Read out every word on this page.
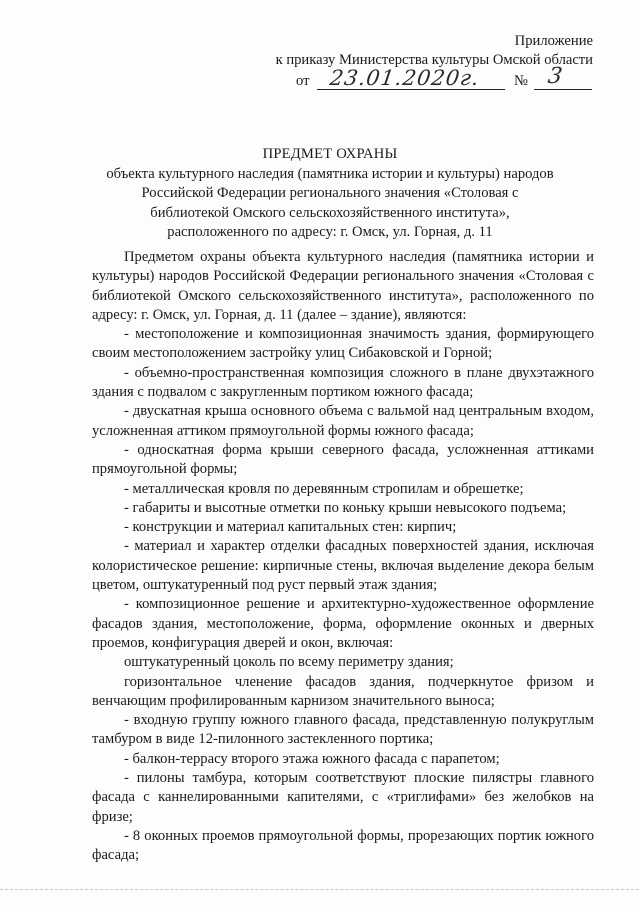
Приложение
к приказу Министерства культуры Омской области
от 23.01.2020г. № 3
ПРЕДМЕТ ОХРАНЫ
объекта культурного наследия (памятника истории и культуры) народов
Российской Федерации регионального значения «Столовая с
библиотекой Омского сельскохозяйственного института»,
расположенного по адресу: г. Омск, ул. Горная, д. 11

Предметом охраны объекта культурного наследия (памятника истории и культуры) народов Российской Федерации регионального значения «Столовая с библиотекой Омского сельскохозяйственного института», расположенного по адресу: г. Омск, ул. Горная, д. 11 (далее – здание), являются:

- местоположение и композиционная значимость здания, формирующего своим местоположением застройку улиц Сибаковской и Горной;

- объемно-пространственная композиция сложного в плане двухэтажного здания с подвалом с закругленным портиком южного фасада;

- двускатная крыша основного объема с вальмой над центральным входом, усложненная аттиком прямоугольной формы южного фасада;

- односкатная форма крыши северного фасада, усложненная аттиками прямоугольной формы;

- металлическая кровля по деревянным стропилам и обрешетке;

- габариты и высотные отметки по коньку крыши невысокого подъема;

- конструкции и материал капитальных стен: кирпич;

- материал и характер отделки фасадных поверхностей здания, исключая колористическое решение: кирпичные стены, включая выделение декора белым цветом, оштукатуренный под руст первый этаж здания;

- композиционное решение и архитектурно-художественное оформление фасадов здания, местоположение, форма, оформление оконных и дверных проемов, конфигурация дверей и окон, включая:

оштукатуренный цоколь по всему периметру здания;

горизонтальное членение фасадов здания, подчеркнутое фризом и венчающим профилированным карнизом значительного выноса;

- входную группу южного главного фасада, представленную полукруглым тамбуром в виде 12-пилонного застекленного портика;

- балкон-террасу второго этажа южного фасада с парапетом;

- пилоны тамбура, которым соответствуют плоские пилястры главного фасада с каннелированными капителями, с «триглифами» без желобков на фризе;

- 8 оконных проемов прямоугольной формы, прорезающих портик южного фасада;
